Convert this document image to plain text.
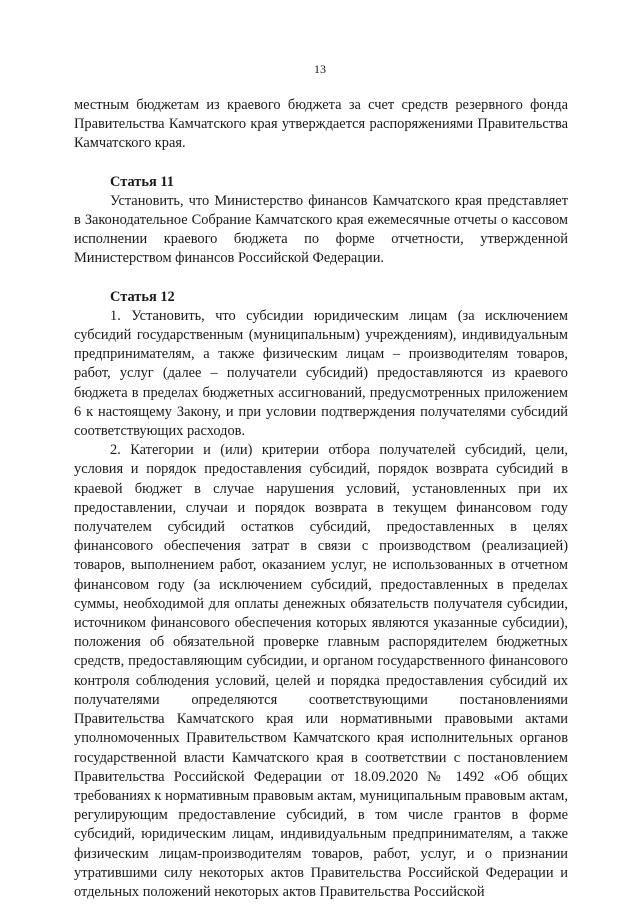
13

местным бюджетам из краевого бюджета за счет средств резервного фонда Правительства Камчатского края утверждается распоряжениями Правительства Камчатского края.

Статья 11

Установить, что Министерство финансов Камчатского края представляет в Законодательное Собрание Камчатского края ежемесячные отчеты о кассовом исполнении краевого бюджета по форме отчетности, утвержденной Министерством финансов Российской Федерации.

Статья 12

1. Установить, что субсидии юридическим лицам (за исключением субсидий государственным (муниципальным) учреждениям), индивидуальным предпринимателям, а также физическим лицам – производителям товаров, работ, услуг (далее – получатели субсидий) предоставляются из краевого бюджета в пределах бюджетных ассигнований, предусмотренных приложением 6 к настоящему Закону, и при условии подтверждения получателями субсидий соответствующих расходов.

2. Категории и (или) критерии отбора получателей субсидий, цели, условия и порядок предоставления субсидий, порядок возврата субсидий в краевой бюджет в случае нарушения условий, установленных при их предоставлении, случаи и порядок возврата в текущем финансовом году получателем субсидий остатков субсидий, предоставленных в целях финансового обеспечения затрат в связи с производством (реализацией) товаров, выполнением работ, оказанием услуг, не использованных в отчетном финансовом году (за исключением субсидий, предоставленных в пределах суммы, необходимой для оплаты денежных обязательств получателя субсидии, источником финансового обеспечения которых являются указанные субсидии), положения об обязательной проверке главным распорядителем бюджетных средств, предоставляющим субсидии, и органом государственного финансового контроля соблюдения условий, целей и порядка предоставления субсидий их получателями определяются соответствующими постановлениями Правительства Камчатского края или нормативными правовыми актами уполномоченных Правительством Камчатского края исполнительных органов государственной власти Камчатского края в соответствии с постановлением Правительства Российской Федерации от 18.09.2020 № 1492 «Об общих требованиях к нормативным правовым актам, муниципальным правовым актам, регулирующим предоставление субсидий, в том числе грантов в форме субсидий, юридическим лицам, индивидуальным предпринимателям, а также физическим лицам-производителям товаров, работ, услуг, и о признании утратившими силу некоторых актов Правительства Российской Федерации и отдельных положений некоторых актов Правительства Российской
